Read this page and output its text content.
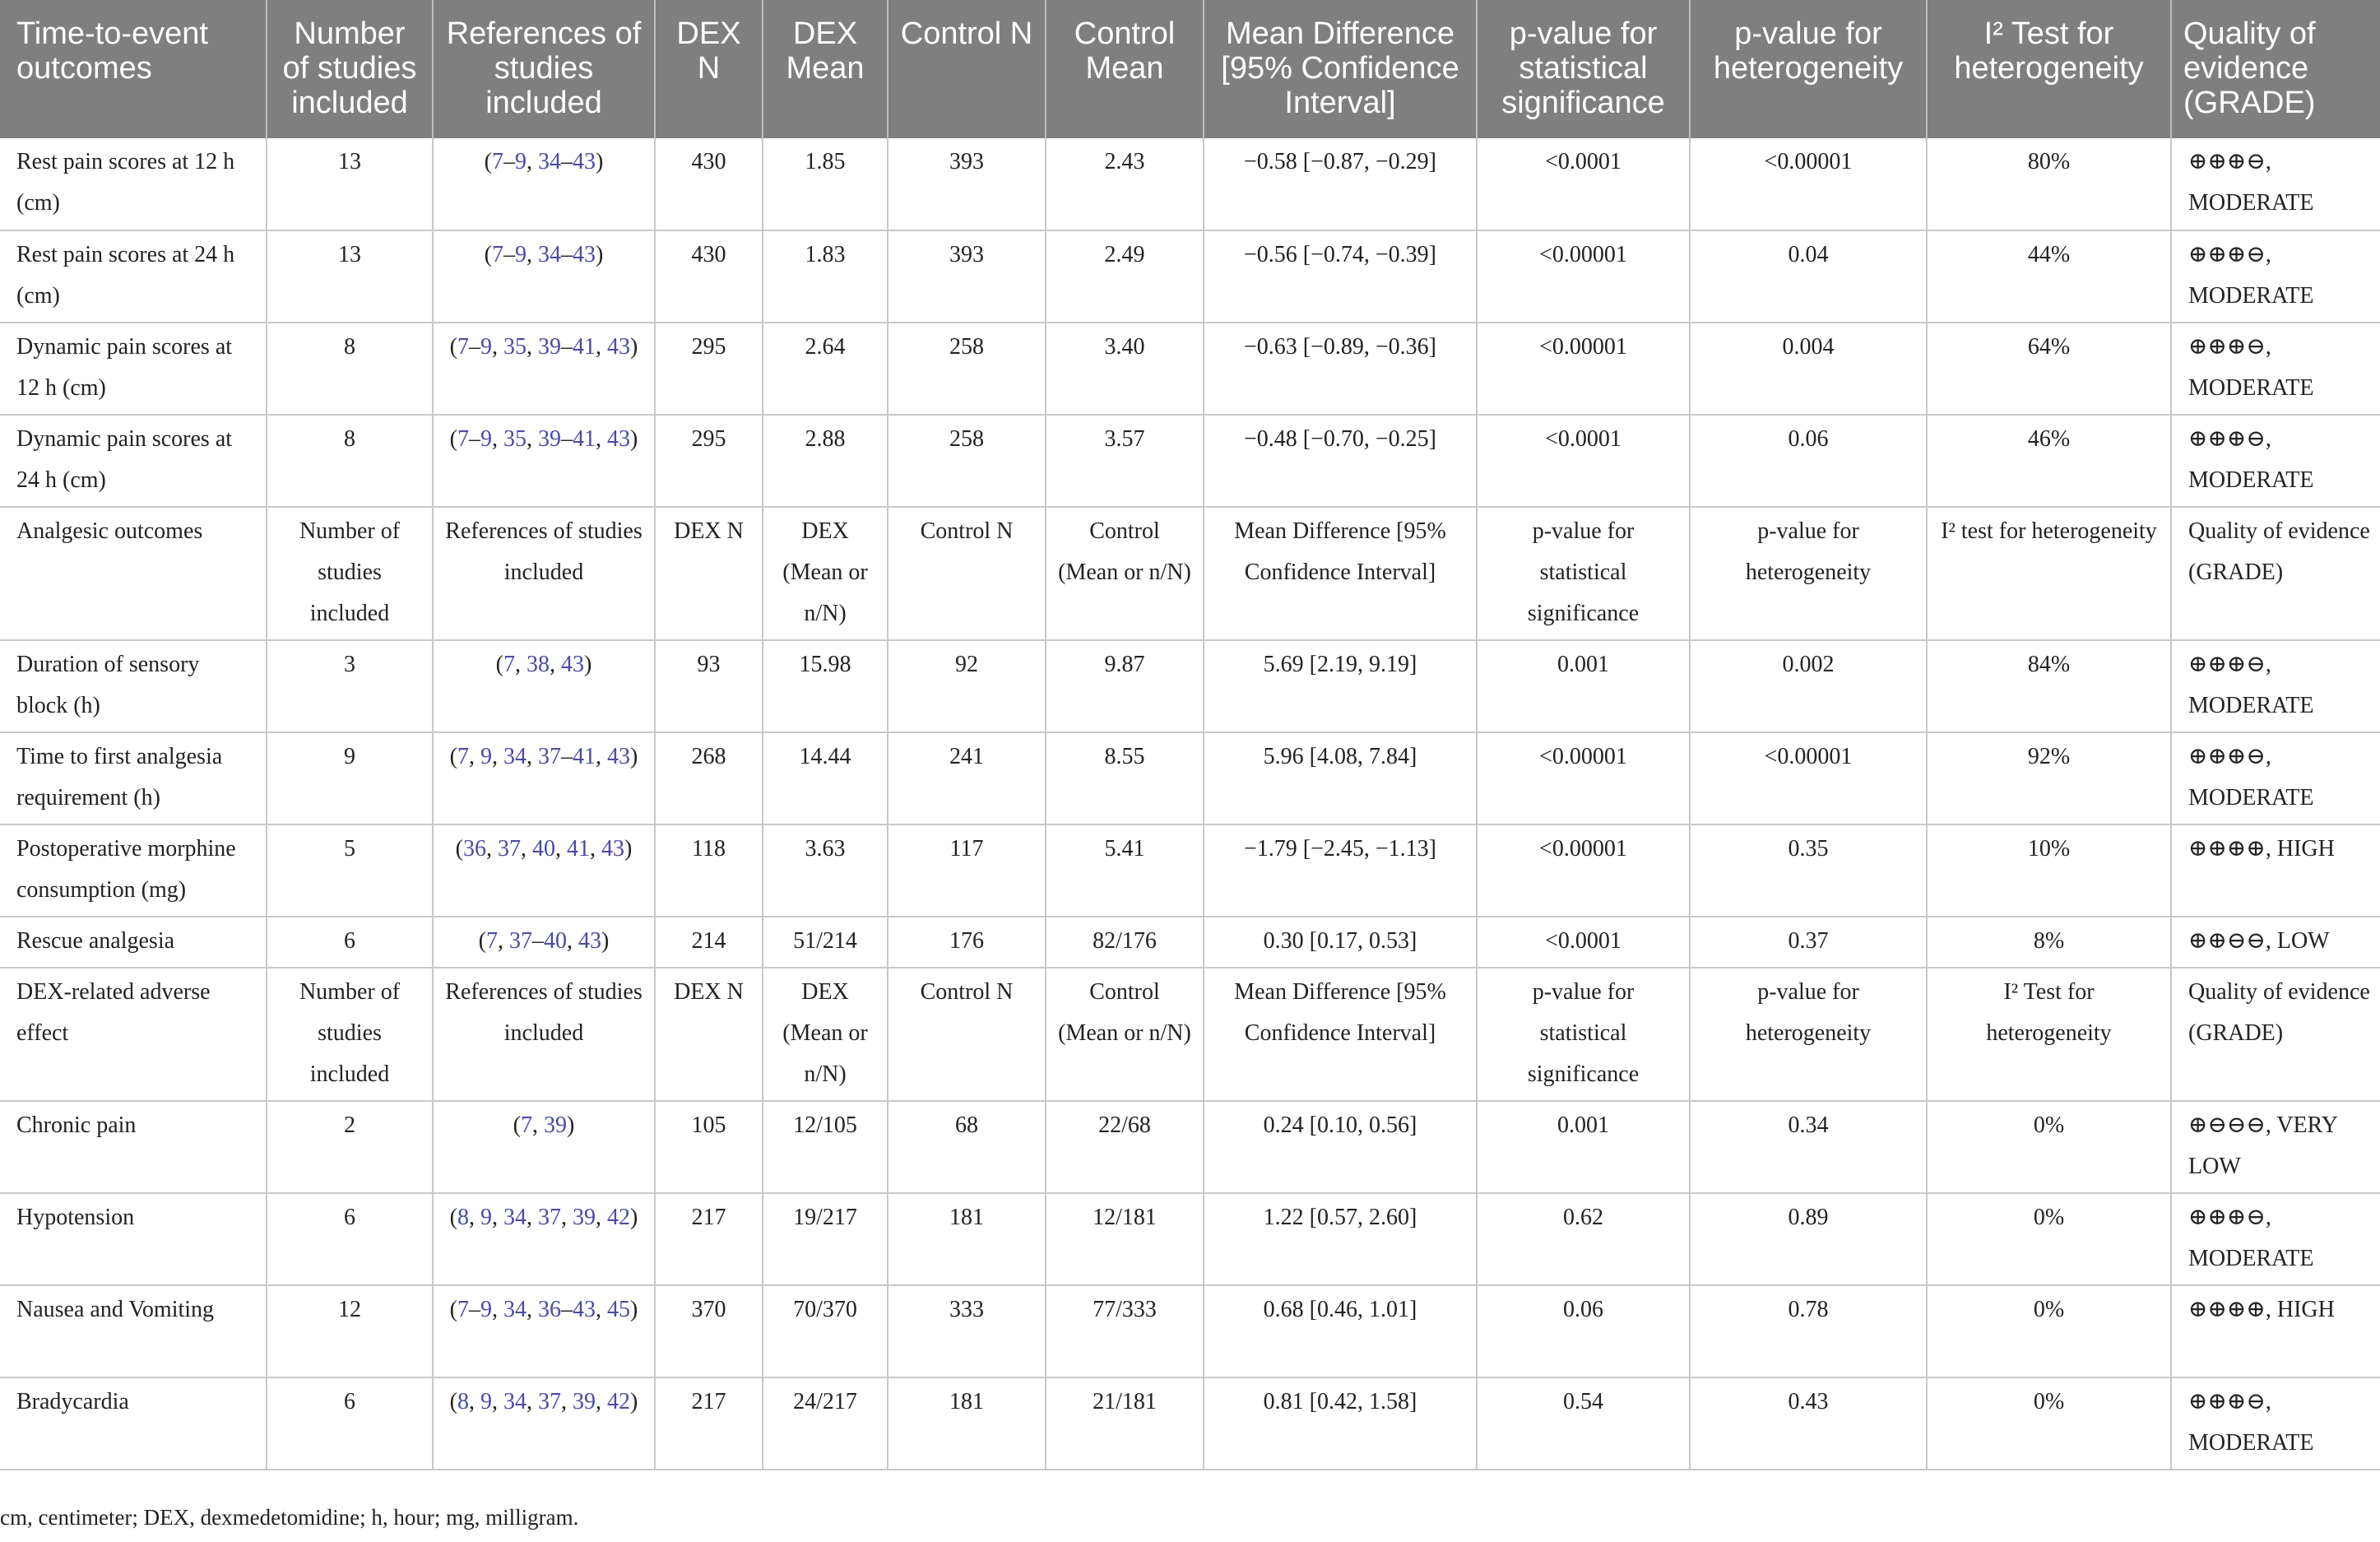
Time-to-event outcomes	Number of studies included	References of studies included	DEX N	DEX Mean	Control N	Control Mean	Mean Difference [95% Confidence Interval]	p-value for statistical significance	p-value for heterogeneity	I² Test for heterogeneity	Quality of evidence (GRADE)
Rest pain scores at 12 h (cm)	13	(7–9, 34–43)	430	1.85	393	2.43	−0.58 [−0.87, −0.29]	<0.0001	<0.00001	80%	⊕⊕⊕⊖, MODERATE
Rest pain scores at 24 h (cm)	13	(7–9, 34–43)	430	1.83	393	2.49	−0.56 [−0.74, −0.39]	<0.00001	0.04	44%	⊕⊕⊕⊖, MODERATE
Dynamic pain scores at 12 h (cm)	8	(7–9, 35, 39–41, 43)	295	2.64	258	3.40	−0.63 [−0.89, −0.36]	<0.00001	0.004	64%	⊕⊕⊕⊖, MODERATE
Dynamic pain scores at 24 h (cm)	8	(7–9, 35, 39–41, 43)	295	2.88	258	3.57	−0.48 [−0.70, −0.25]	<0.0001	0.06	46%	⊕⊕⊕⊖, MODERATE
Analgesic outcomes	Number of studies included	References of studies included	DEX N	DEX (Mean or n/N)	Control N	Control (Mean or n/N)	Mean Difference [95% Confidence Interval]	p-value for statistical significance	p-value for heterogeneity	I² test for heterogeneity	Quality of evidence (GRADE)
Duration of sensory block (h)	3	(7, 38, 43)	93	15.98	92	9.87	5.69 [2.19, 9.19]	0.001	0.002	84%	⊕⊕⊕⊖, MODERATE
Time to first analgesia requirement (h)	9	(7, 9, 34, 37–41, 43)	268	14.44	241	8.55	5.96 [4.08, 7.84]	<0.00001	<0.00001	92%	⊕⊕⊕⊖, MODERATE
Postoperative morphine consumption (mg)	5	(36, 37, 40, 41, 43)	118	3.63	117	5.41	−1.79 [−2.45, −1.13]	<0.00001	0.35	10%	⊕⊕⊕⊕, HIGH
Rescue analgesia	6	(7, 37–40, 43)	214	51/214	176	82/176	0.30 [0.17, 0.53]	<0.0001	0.37	8%	⊕⊕⊖⊖, LOW
DEX-related adverse effect	Number of studies included	References of studies included	DEX N	DEX (Mean or n/N)	Control N	Control (Mean or n/N)	Mean Difference [95% Confidence Interval]	p-value for statistical significance	p-value for heterogeneity	I² Test for heterogeneity	Quality of evidence (GRADE)
Chronic pain	2	(7, 39)	105	12/105	68	22/68	0.24 [0.10, 0.56]	0.001	0.34	0%	⊕⊖⊖⊖, VERY LOW
Hypotension	6	(8, 9, 34, 37, 39, 42)	217	19/217	181	12/181	1.22 [0.57, 2.60]	0.62	0.89	0%	⊕⊕⊕⊖, MODERATE
Nausea and Vomiting	12	(7–9, 34, 36–43, 45)	370	70/370	333	77/333	0.68 [0.46, 1.01]	0.06	0.78	0%	⊕⊕⊕⊕, HIGH
Bradycardia	6	(8, 9, 34, 37, 39, 42)	217	24/217	181	21/181	0.81 [0.42, 1.58]	0.54	0.43	0%	⊕⊕⊕⊖, MODERATE
cm, centimeter; DEX, dexmedetomidine; h, hour; mg, milligram.
